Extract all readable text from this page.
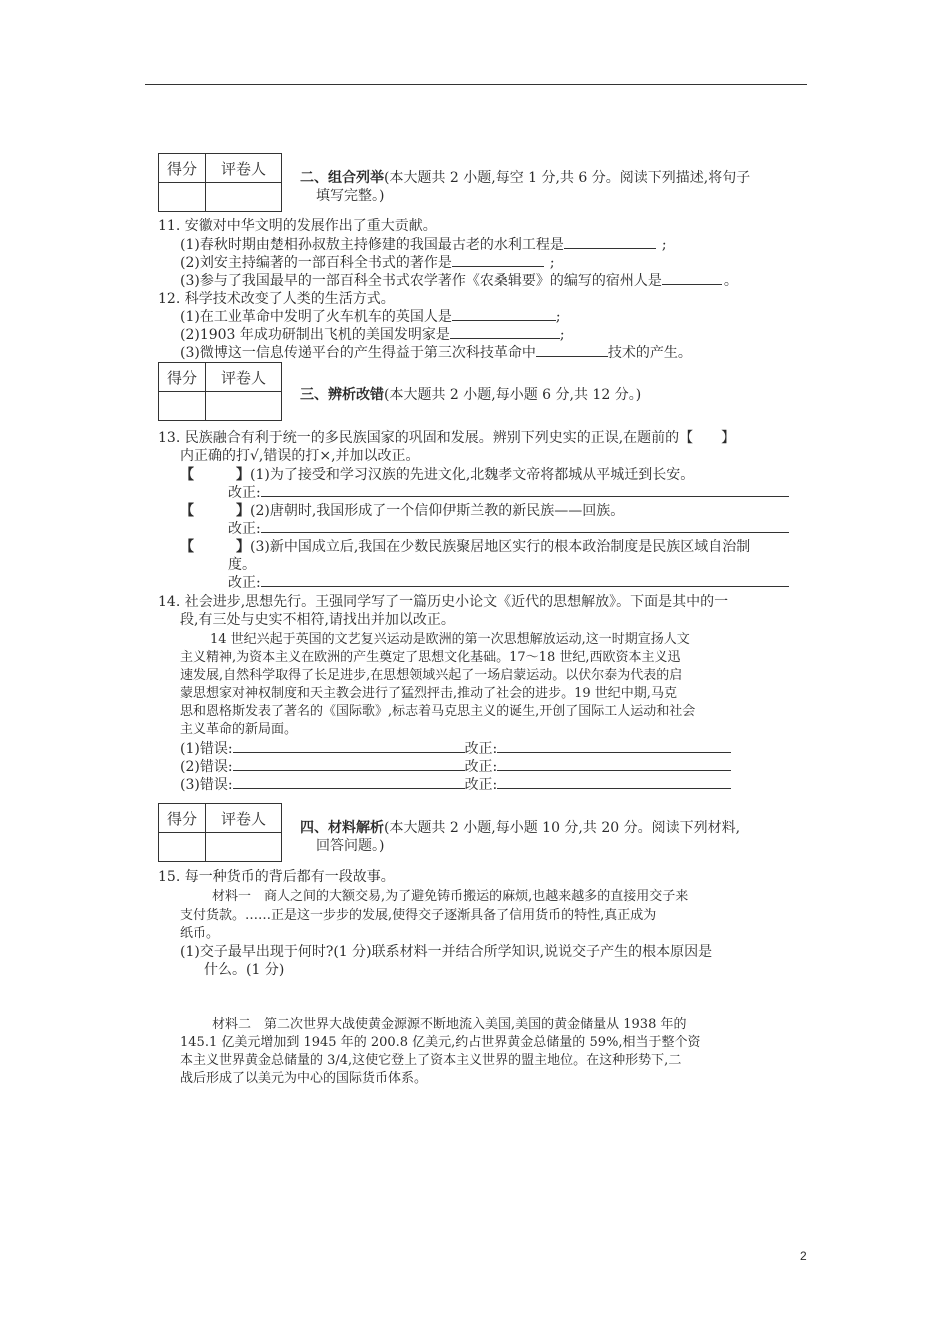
得分	评卷人

二、组合列举(本大题共 2 小题,每空 1 分,共 6 分。阅读下列描述,将句子
填写完整。)
11. 安徽对中华文明的发展作出了重大贡献。
(1)春秋时期由楚相孙叔敖主持修建的我国最古老的水利工程是	;
(2)刘安主持编著的一部百科全书式的著作是	;
(3)参与了我国最早的一部百科全书式农学著作《农桑辑要》的编写的宿州人是	。
12. 科学技术改变了人类的生活方式。
(1)在工业革命中发明了火车机车的英国人是	;
(2)1903 年成功研制出飞机的美国发明家是	;
(3)微博这一信息传递平台的产生得益于第三次科技革命中	技术的产生。
得分	评卷人

三、辨析改错(本大题共 2 小题,每小题 6 分,共 12 分。)
13. 民族融合有利于统一的多民族国家的巩固和发展。辨别下列史实的正误,在题前的【　　】
内正确的打√,错误的打×,并加以改正。
【	】(1)为了接受和学习汉族的先进文化,北魏孝文帝将都城从平城迁到长安。
改正:
【	】(2)唐朝时,我国形成了一个信仰伊斯兰教的新民族——回族。
改正:
【	】(3)新中国成立后,我国在少数民族聚居地区实行的根本政治制度是民族区域自治制
度。
改正:
14. 社会进步,思想先行。王强同学写了一篇历史小论文《近代的思想解放》。下面是其中的一
段,有三处与史实不相符,请找出并加以改正。
14 世纪兴起于英国的文艺复兴运动是欧洲的第一次思想解放运动,这一时期宣扬人文
主义精神,为资本主义在欧洲的产生奠定了思想文化基础。17～18 世纪,西欧资本主义迅
速发展,自然科学取得了长足进步,在思想领域兴起了一场启蒙运动。以伏尔泰为代表的启
蒙思想家对神权制度和天主教会进行了猛烈抨击,推动了社会的进步。19 世纪中期,马克
思和恩格斯发表了著名的《国际歌》,标志着马克思主义的诞生,开创了国际工人运动和社会
主义革命的新局面。
(1)错误:	改正:
(2)错误:	改正:
(3)错误:	改正:
得分	评卷人

四、材料解析(本大题共 2 小题,每小题 10 分,共 20 分。阅读下列材料,
回答问题。)
15. 每一种货币的背后都有一段故事。
材料一　商人之间的大额交易,为了避免铸币搬运的麻烦,也越来越多的直接用交子来
支付货款。……正是这一步步的发展,使得交子逐渐具备了信用货币的特性,真正成为
纸币。
(1)交子最早出现于何时?(1 分)联系材料一并结合所学知识,说说交子产生的根本原因是
什么。(1 分)
材料二　第二次世界大战使黄金源源不断地流入美国,美国的黄金储量从 1938 年的
145.1 亿美元增加到 1945 年的 200.8 亿美元,约占世界黄金总储量的 59%,相当于整个资
本主义世界黄金总储量的 3/4,这使它登上了资本主义世界的盟主地位。在这种形势下,二
战后形成了以美元为中心的国际货币体系。
2
